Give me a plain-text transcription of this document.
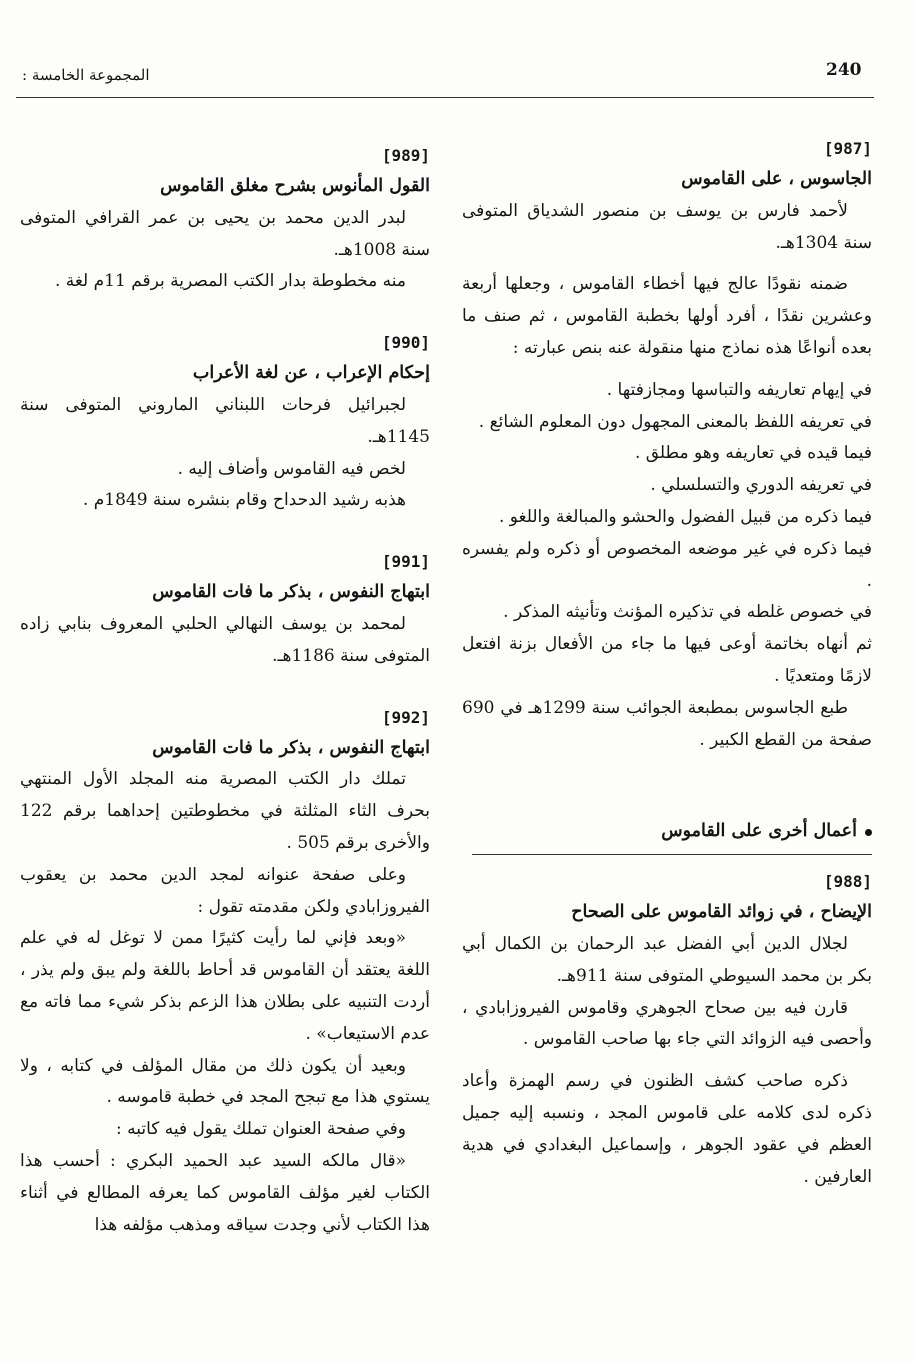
240
المجموعة الخامسة :
[987]

الجاسوس ، على القاموس

لأحمد فارس بن يوسف بن منصور الشدياق المتوفى سنة 1304هـ.

ضمنه نقودًا عالج فيها أخطاء القاموس ، وجعلها أربعة وعشرين نقدًا ، أفرد أولها بخطبة القاموس ، ثم صنف ما بعده أنواعًا هذه نماذج منها منقولة عنه بنص عبارته :

في إيهام تعاريفه والتباسها ومجازفتها .

في تعريفه اللفظ بالمعنى المجهول دون المعلوم الشائع .

فيما قيده في تعاريفه وهو مطلق .

في تعريفه الدوري والتسلسلي .

فيما ذكره من قبيل الفضول والحشو والمبالغة واللغو .

فيما ذكره في غير موضعه المخصوص أو ذكره ولم يفسره .

في خصوص غلطه في تذكيره المؤنث وتأنيثه المذكر .

ثم أنهاه بخاتمة أوعى فيها ما جاء من الأفعال بزنة افتعل لازمًا ومتعديًا .

طبع الجاسوس بمطبعة الجوائب سنة 1299هـ في 690 صفحة من القطع الكبير .

أعمال أخرى على القاموس
[988]

الإيضاح ، في زوائد القاموس على الصحاح

لجلال الدين أبي الفضل عبد الرحمان بن الكمال أبي بكر بن محمد السيوطي المتوفى سنة 911هـ.

قارن فيه بين صحاح الجوهري وقاموس الفيروزابادي ، وأحصى فيه الزوائد التي جاء بها صاحب القاموس .

ذكره صاحب كشف الظنون في رسم الهمزة وأعاد ذكره لدى كلامه على قاموس المجد ، ونسبه إليه جميل العظم في عقود الجوهر ، وإسماعيل البغدادي في هدية العارفين .

[989]

القول المأنوس بشرح مغلق القاموس

لبدر الدين محمد بن يحيى بن عمر القرافي المتوفى سنة 1008هـ.

منه مخطوطة بدار الكتب المصرية برقم 11م لغة .

[990]

إحكام الإعراب ، عن لغة الأعراب

لجبرائيل فرحات اللبناني الماروني المتوفى سنة 1145هـ.

لخص فيه القاموس وأضاف إليه .

هذبه رشيد الدحداح وقام بنشره سنة 1849م .

[991]

ابتهاج النفوس ، بذكر ما فات القاموس

لمحمد بن يوسف النهالي الحلبي المعروف بنابي زاده المتوفى سنة 1186هـ.

[992]

ابتهاج النفوس ، بذكر ما فات القاموس

تملك دار الكتب المصرية منه المجلد الأول المنتهي بحرف الثاء المثلثة في مخطوطتين إحداهما برقم 122 والأخرى برقم 505 .

وعلى صفحة عنوانه لمجد الدين محمد بن يعقوب الفيروزابادي ولكن مقدمته تقول :

«وبعد فإني لما رأيت كثيرًا ممن لا توغل له في علم اللغة يعتقد أن القاموس قد أحاط باللغة ولم يبق ولم يذر ، أردت التنبيه على بطلان هذا الزعم بذكر شيء مما فاته مع عدم الاستيعاب» .

وبعيد أن يكون ذلك من مقال المؤلف في كتابه ، ولا يستوي هذا مع تبجح المجد في خطبة قاموسه .

وفي صفحة العنوان تملك يقول فيه كاتبه :

«قال مالكه السيد عبد الحميد البكري : أحسب هذا الكتاب لغير مؤلف القاموس كما يعرفه المطالع في أثناء هذا الكتاب لأني وجدت سياقه ومذهب مؤلفه هذا
